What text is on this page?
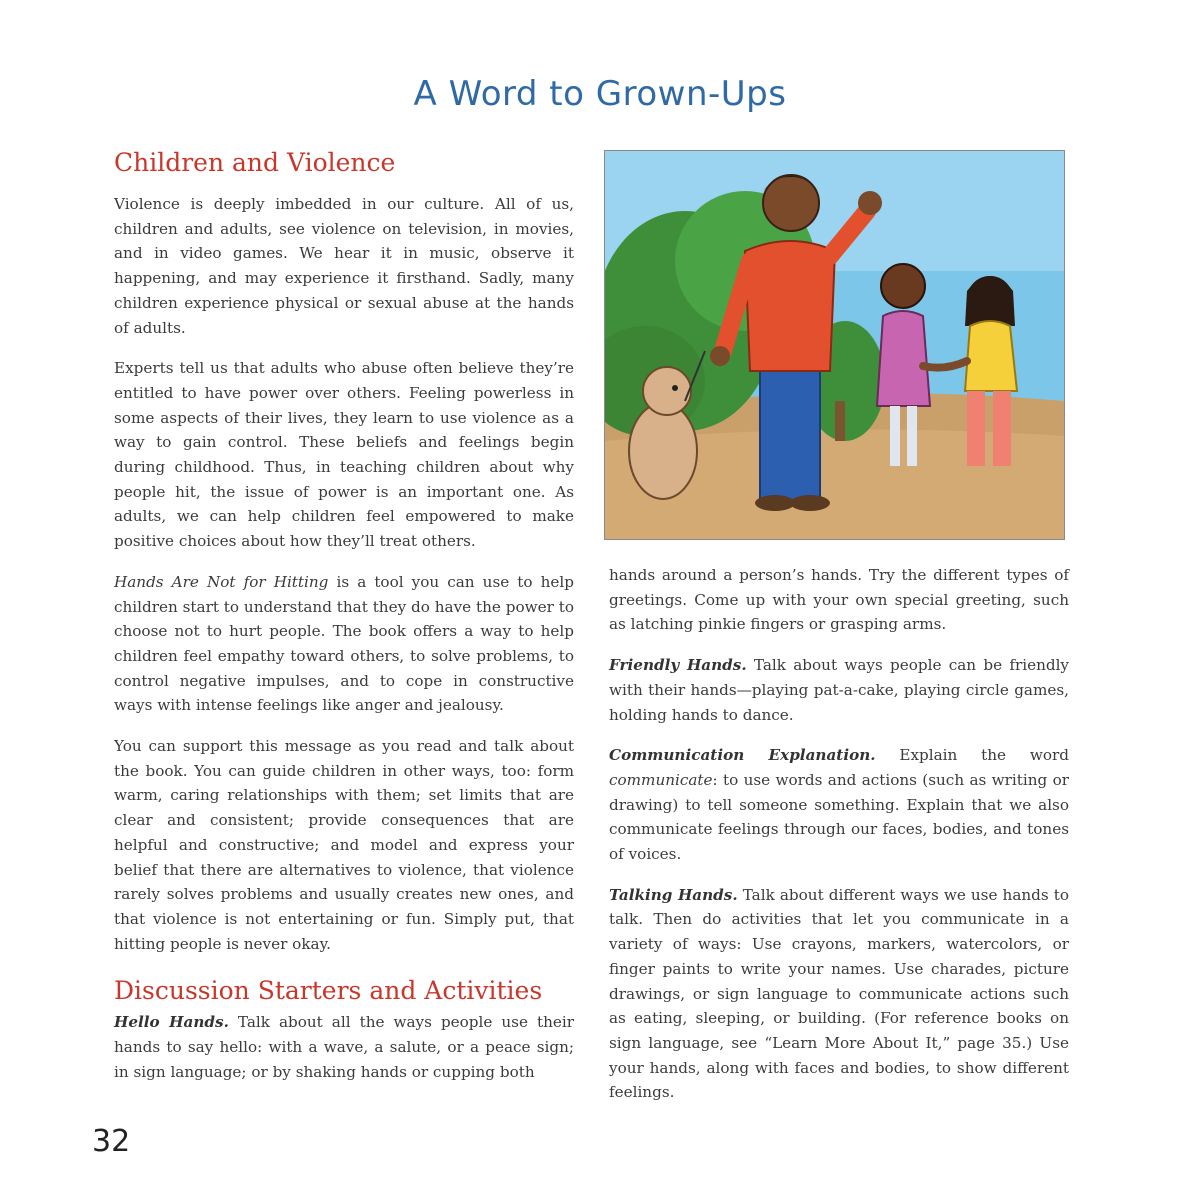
A Word to Grown-Ups
Children and Violence

Violence is deeply imbedded in our culture. All of us, children and adults, see violence on television, in movies, and in video games. We hear it in music, observe it happening, and may experience it firsthand. Sadly, many children experience physical or sexual abuse at the hands of adults.

Experts tell us that adults who abuse often believe they’re entitled to have power over others. Feeling powerless in some aspects of their lives, they learn to use violence as a way to gain control. These beliefs and feelings begin during childhood. Thus, in teaching children about why people hit, the issue of power is an important one. As adults, we can help children feel empowered to make positive choices about how they’ll treat others.

Hands Are Not for Hitting is a tool you can use to help children start to understand that they do have the power to choose not to hurt people. The book offers a way to help children feel empathy toward others, to solve problems, to control negative impulses, and to cope in constructive ways with intense feelings like anger and jealousy.

You can support this message as you read and talk about the book. You can guide children in other ways, too: form warm, caring relationships with them; set limits that are clear and consistent; provide consequences that are helpful and constructive; and model and express your belief that there are alternatives to violence, that violence rarely solves problems and usually creates new ones, and that violence is not entertaining or fun. Simply put, that hitting people is never okay.

Discussion Starters and Activities

Hello Hands. Talk about all the ways people use their hands to say hello: with a wave, a salute, or a peace sign; in sign language; or by shaking hands or cupping both

hands around a person’s hands. Try the different types of greetings. Come up with your own special greeting, such as latching pinkie fingers or grasping arms.

Friendly Hands. Talk about ways people can be friendly with their hands—playing pat-a-cake, playing circle games, holding hands to dance.

Communication Explanation. Explain the word communicate: to use words and actions (such as writing or drawing) to tell someone something. Explain that we also communicate feelings through our faces, bodies, and tones of voices.

Talking Hands. Talk about different ways we use hands to talk. Then do activities that let you communicate in a variety of ways: Use crayons, markers, watercolors, or finger paints to write your names. Use charades, picture drawings, or sign language to communicate actions such as eating, sleeping, or building. (For reference books on sign language, see “Learn More About It,” page 35.) Use your hands, along with faces and bodies, to show different feelings.

32
